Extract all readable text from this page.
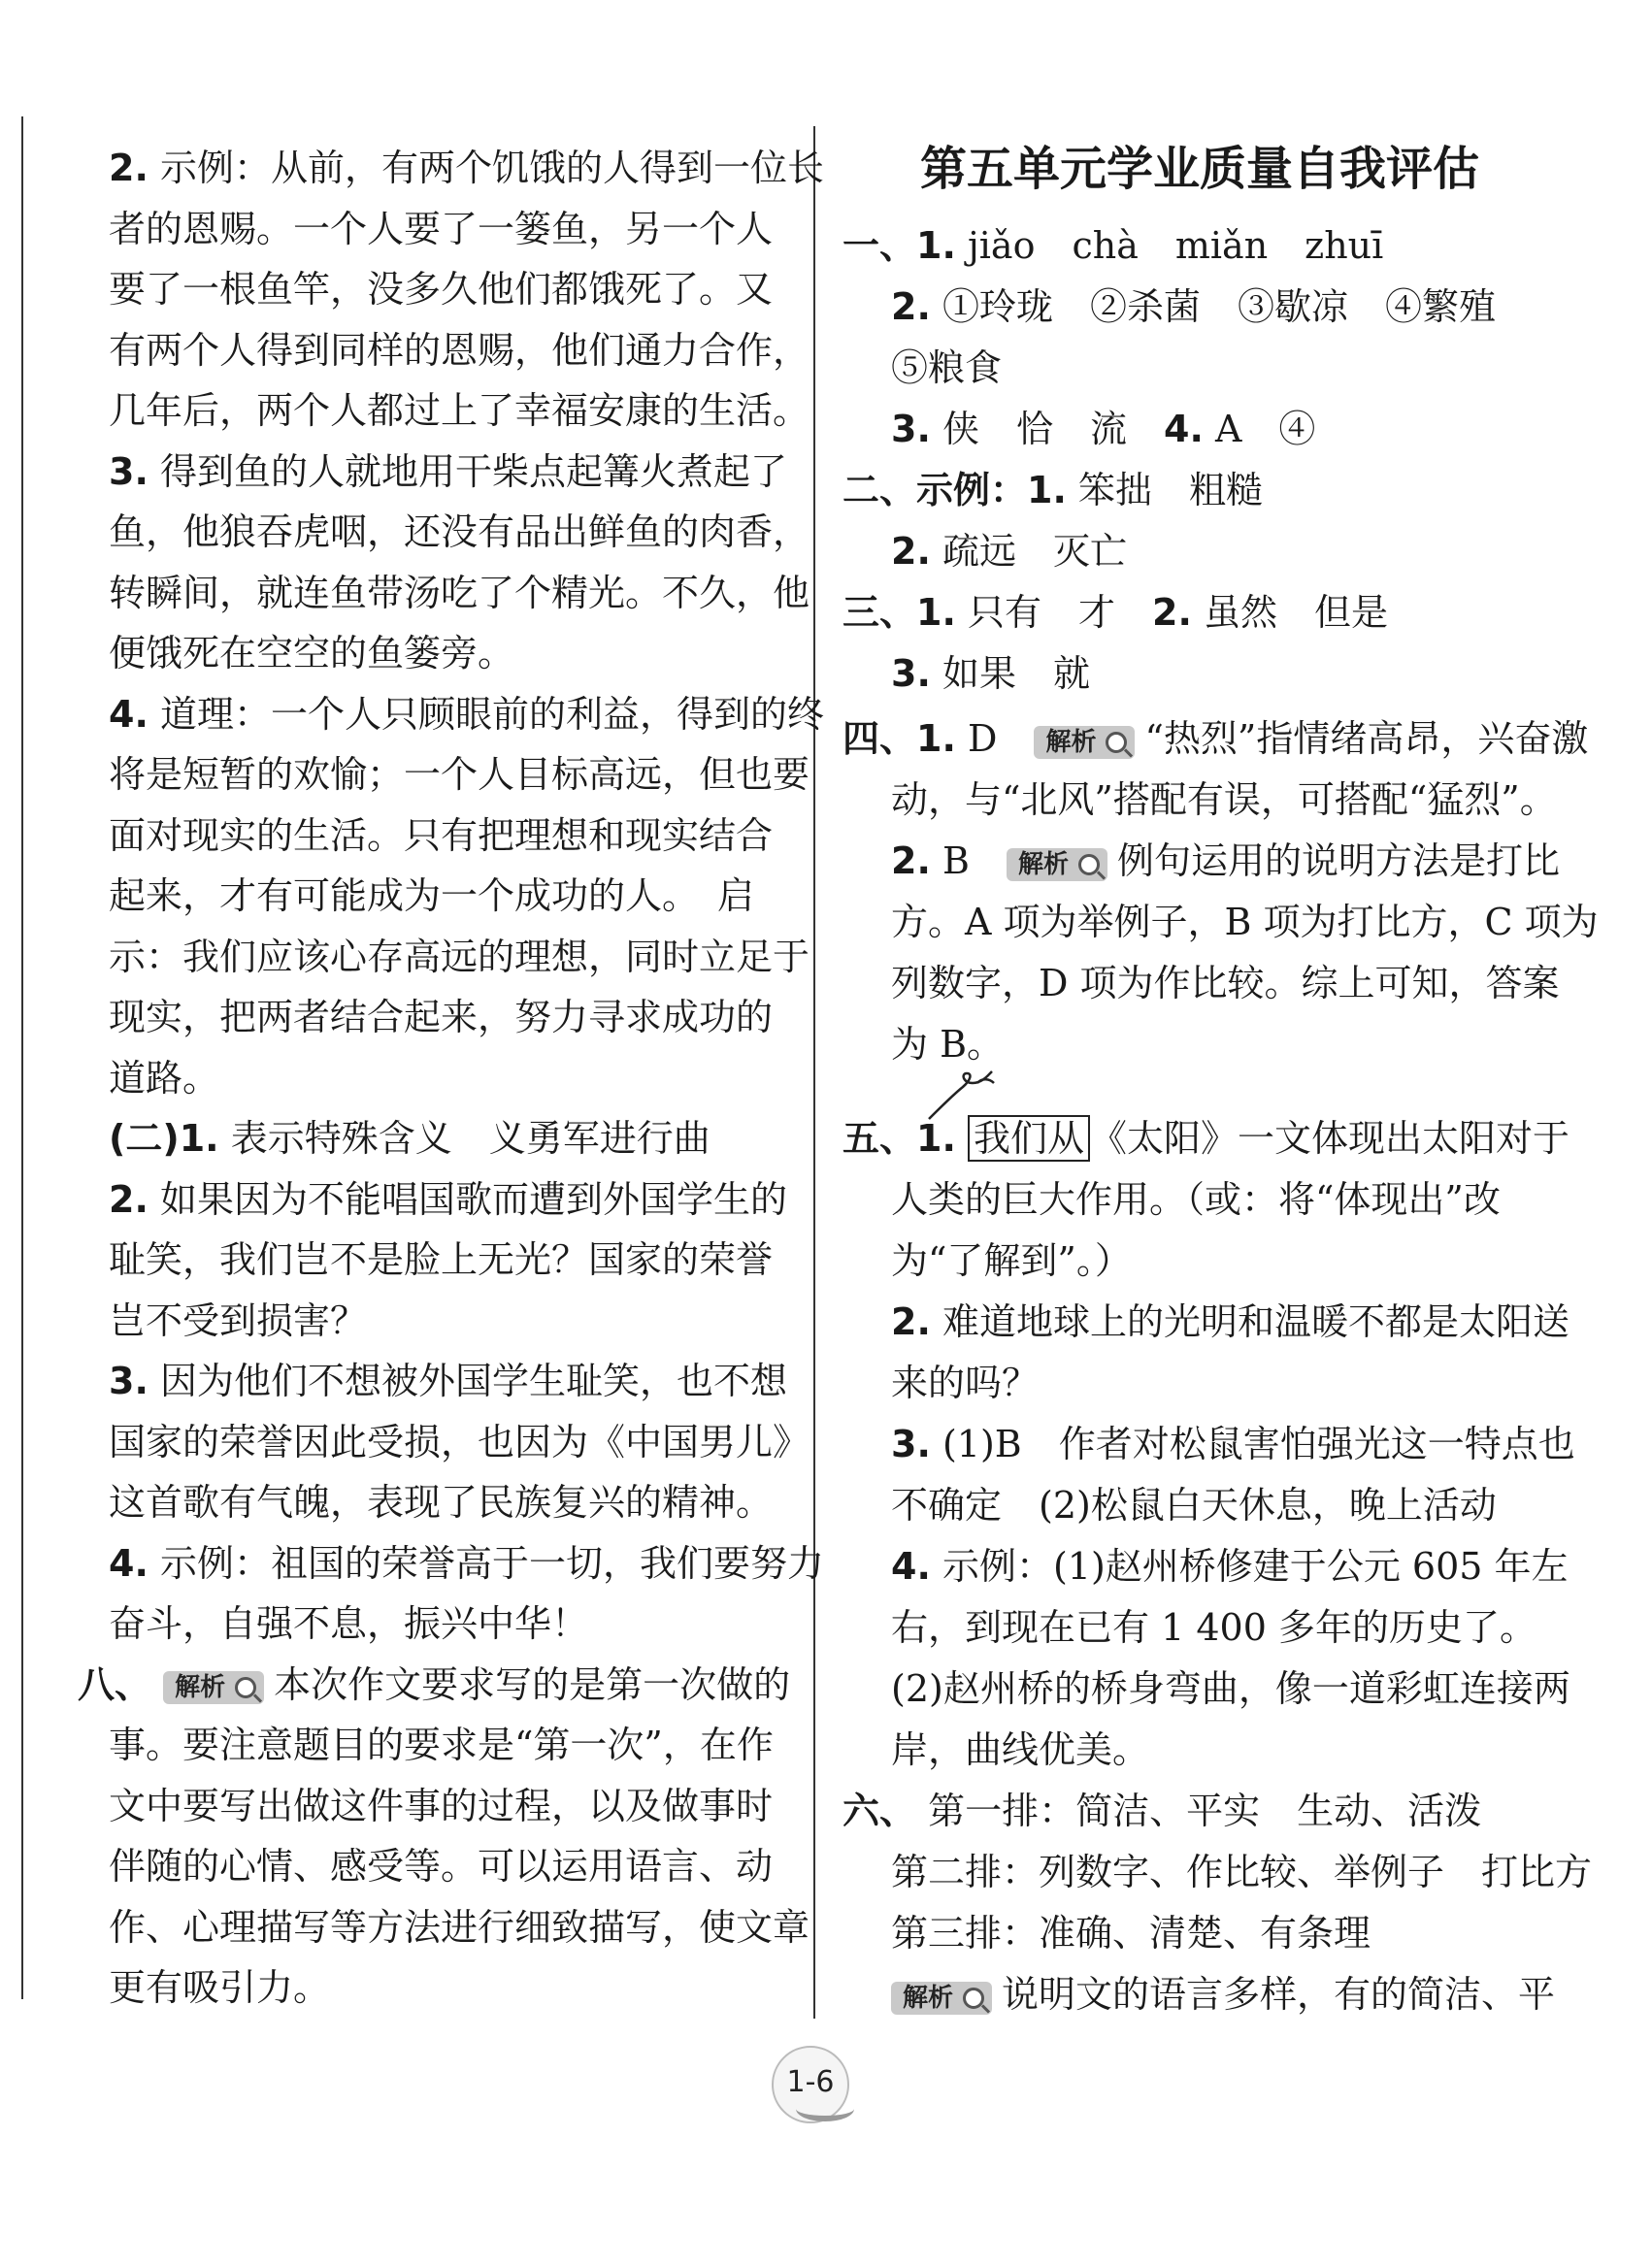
2. 示例：从前，有两个饥饿的人得到一位长
者的恩赐。一个人要了一篓鱼，另一个人
要了一根鱼竿，没多久他们都饿死了。又
有两个人得到同样的恩赐，他们通力合作，
几年后，两个人都过上了幸福安康的生活。
3. 得到鱼的人就地用干柴点起篝火煮起了
鱼，他狼吞虎咽，还没有品出鲜鱼的肉香，
转瞬间，就连鱼带汤吃了个精光。不久，他
便饿死在空空的鱼篓旁。
4. 道理：一个人只顾眼前的利益，得到的终
将是短暂的欢愉；一个人目标高远，但也要
面对现实的生活。只有把理想和现实结合
起来，才有可能成为一个成功的人。　启
示：我们应该心存高远的理想，同时立足于
现实，把两者结合起来，努力寻求成功的
道路。
(二)1. 表示特殊含义　义勇军进行曲
2. 如果因为不能唱国歌而遭到外国学生的
耻笑，我们岂不是脸上无光？国家的荣誉
岂不受到损害？
3. 因为他们不想被外国学生耻笑，也不想
国家的荣誉因此受损，也因为《中国男儿》
这首歌有气魄，表现了民族复兴的精神。
4. 示例：祖国的荣誉高于一切，我们要努力
奋斗，自强不息，振兴中华！
八、 解析 本次作文要求写的是第一次做的
事。要注意题目的要求是“第一次”，在作
文中要写出做这件事的过程，以及做事时
伴随的心情、感受等。可以运用语言、动
作、心理描写等方法进行细致描写，使文章
更有吸引力。
第五单元学业质量自我评估
一、1. jiǎo　chà　miǎn　zhuī
2. ①玲珑　②杀菌　③歇凉　④繁殖
⑤粮食
3. 侠　恰　流　4. A　④
二、示例：1. 笨拙　粗糙
2. 疏远　灭亡
三、1. 只有　才　2. 虽然　但是
3. 如果　就
四、1. D　 解析 “热烈”指情绪高昂，兴奋激
动，与“北风”搭配有误，可搭配“猛烈”。
2. B　 解析 例句运用的说明方法是打比
方。A 项为举例子，B 项为打比方，C 项为
列数字，D 项为作比较。综上可知，答案
为 B。
五、1. 我们从 《太阳》一文体现出太阳对于
人类的巨大作用。（或：将“体现出”改
为“了解到”。）
2. 难道地球上的光明和温暖不都是太阳送
来的吗？
3. (1)B　作者对松鼠害怕强光这一特点也
不确定　(2)松鼠白天休息，晚上活动
4. 示例：(1)赵州桥修建于公元 605 年左
右，到现在已有 1 400 多年的历史了。
(2)赵州桥的桥身弯曲，像一道彩虹连接两
岸，曲线优美。
六、 第一排：简洁、平实　生动、活泼
第二排：列数字、作比较、举例子　打比方
第三排：准确、清楚、有条理
解析 说明文的语言多样，有的简洁、平
1-6
